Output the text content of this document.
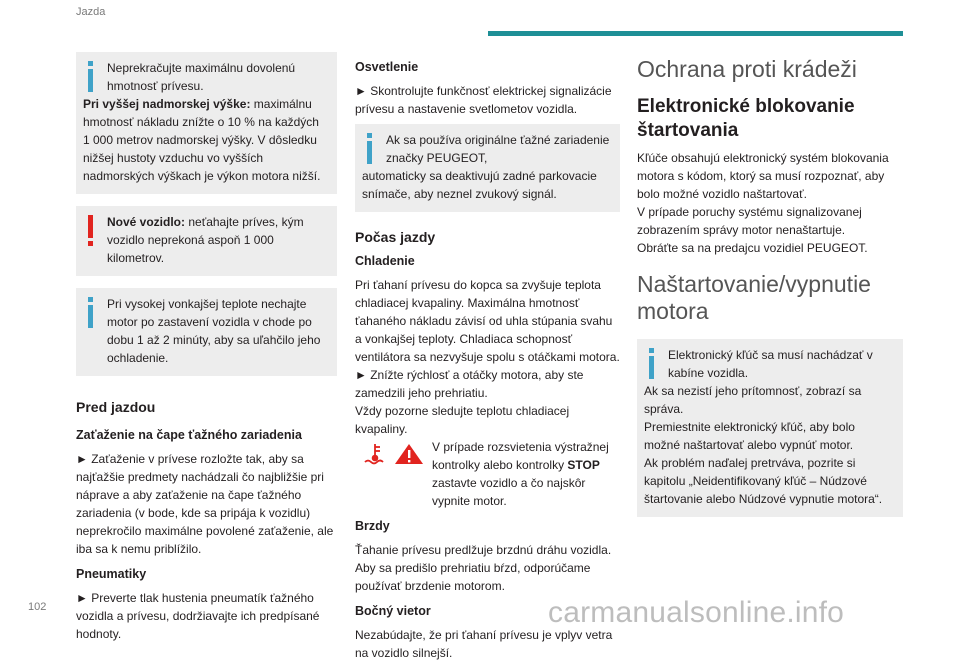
Jazda

Neprekračujte maximálnu dovolenú hmotnosť prívesu.

Pri vyššej nadmorskej výške: maximálnu hmotnosť nákladu znížte o 10 % na každých 1 000 metrov nadmorskej výšky. V dôsledku nižšej hustoty vzduchu vo vyšších nadmorských výškach je výkon motora nižší.

Nové vozidlo: neťahajte príves, kým vozidlo neprekoná aspoň 1 000 kilometrov.

Pri vysokej vonkajšej teplote nechajte motor po zastavení vozidla v chode po dobu 1 až 2 minúty, aby sa uľahčilo jeho ochladenie.

Pred jazdou

Zaťaženie na čape ťažného zariadenia

► Zaťaženie v prívese rozložte tak, aby sa najťažšie predmety nachádzali čo najbližšie pri náprave a aby zaťaženie na čape ťažného zariadenia (v bode, kde sa pripája k vozidlu) neprekročilo maximálne povolené zaťaženie, ale iba sa k nemu priblížilo.

Pneumatiky

► Preverte tlak hustenia pneumatík ťažného vozidla a prívesu, dodržiavajte ich predpísané hodnoty.

Osvetlenie

► Skontrolujte funkčnosť elektrickej signalizácie prívesu a nastavenie svetlometov vozidla.

Ak sa používa originálne ťažné zariadenie značky PEUGEOT,

automaticky sa deaktivujú zadné parkovacie snímače, aby neznel zvukový signál.

Počas jazdy

Chladenie

Pri ťahaní prívesu do kopca sa zvyšuje teplota chladiacej kvapaliny. Maximálna hmotnosť ťahaného nákladu závisí od uhla stúpania svahu a vonkajšej teploty. Chladiaca schopnosť ventilátora sa nezvyšuje spolu s otáčkami motora.

► Znížte rýchlosť a otáčky motora, aby ste zamedzili jeho prehriatiu.

Vždy pozorne sledujte teplotu chladiacej kvapaliny.

V prípade rozsvietenia výstražnej kontrolky alebo kontrolky STOP zastavte vozidlo a čo najskôr vypnite motor.

Brzdy

Ťahanie prívesu predlžuje brzdnú dráhu vozidla. Aby sa predišlo prehriatiu bŕzd, odporúčame používať brzdenie motorom.

Bočný vietor

Nezabúdajte, že pri ťahaní prívesu je vplyv vetra na vozidlo silnejší.

Ochrana proti krádeži

Elektronické blokovanie štartovania

Kľúče obsahujú elektronický systém blokovania motora s kódom, ktorý sa musí rozpoznať, aby bolo možné vozidlo naštartovať.

V prípade poruchy systému signalizovanej zobrazením správy motor nenaštartuje.

Obráťte sa na predajcu vozidiel PEUGEOT.

Naštartovanie/vypnutie motora

Elektronický kľúč sa musí nachádzať v kabíne vozidla.

Ak sa nezistí jeho prítomnosť, zobrazí sa správa.

Premiestnite elektronický kľúč, aby bolo možné naštartovať alebo vypnúť motor.

Ak problém naďalej pretrváva, pozrite si kapitolu „Neidentifikovaný kľúč – Núdzové štartovanie alebo Núdzové vypnutie motora“.

102	carmanualsonline.info
